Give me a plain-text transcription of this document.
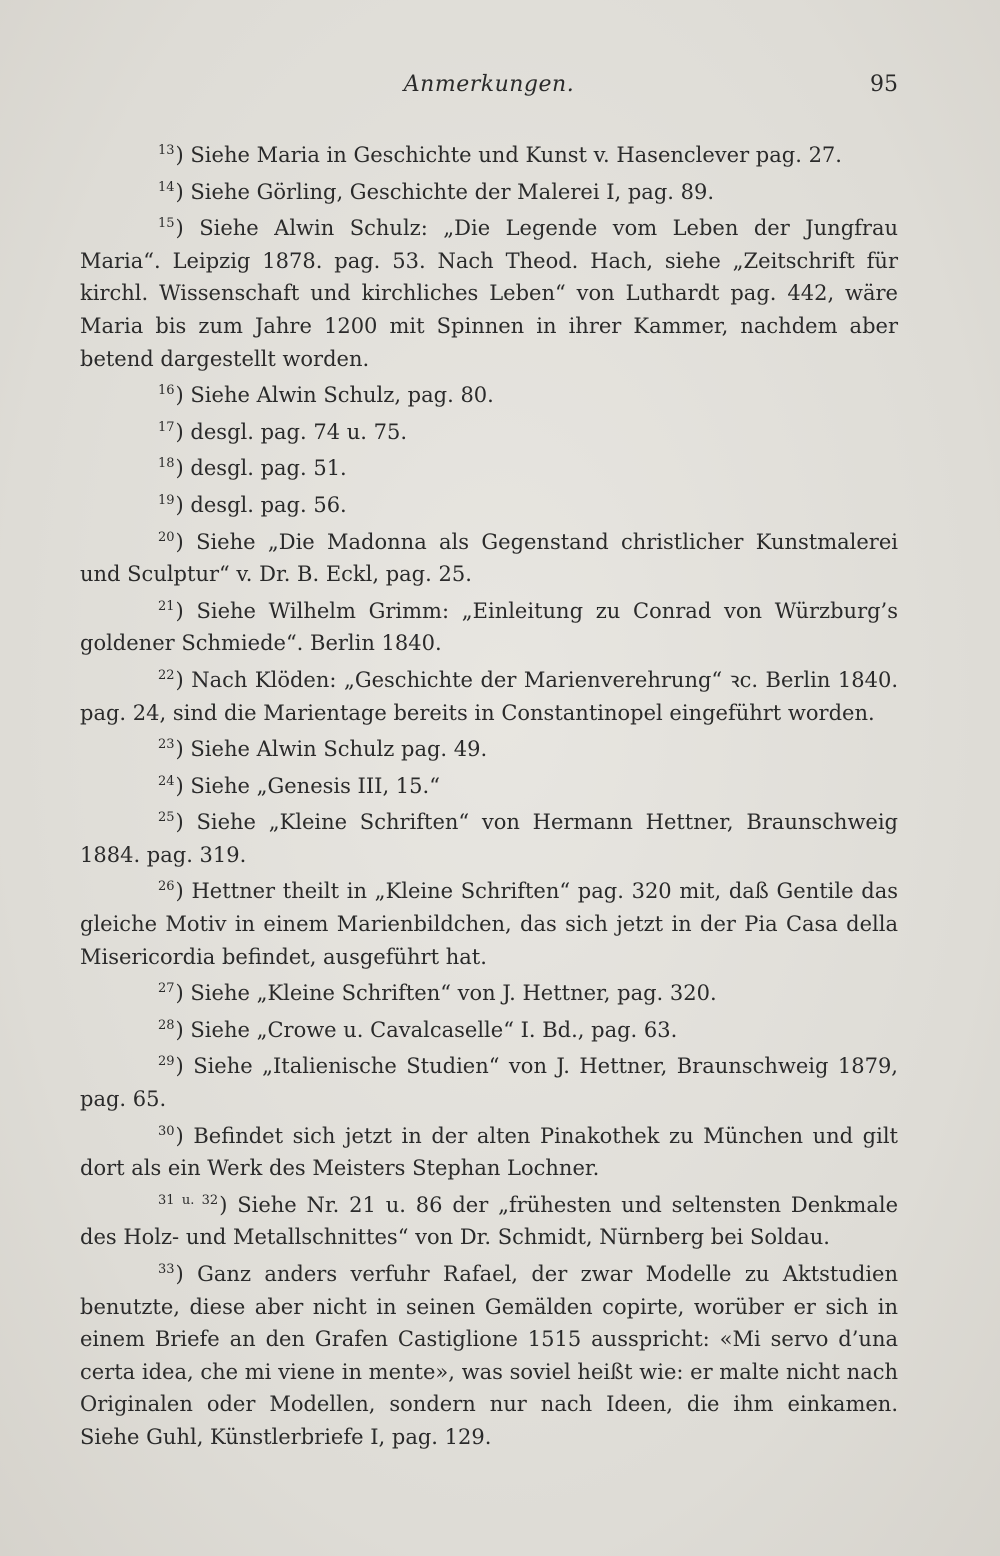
Anmerkungen.	95

$^{13}$) Siehe Maria in Geschichte und Kunst v. Hasenclever pag. 27.

$^{14}$) Siehe Görling, Geschichte der Malerei I, pag. 89.

$^{15}$) Siehe Alwin Schulz: „Die Legende vom Leben der Jungfrau Maria“. Leipzig 1878. pag. 53. Nach Theod. Hach, siehe „Zeitschrift für kirchl. Wissenschaft und kirchliches Leben“ von Luthardt pag. 442, wäre Maria bis zum Jahre 1200 mit Spinnen in ihrer Kammer, nachdem aber betend dargestellt worden.

$^{16}$) Siehe Alwin Schulz, pag. 80.

$^{17}$) desgl. pag. 74 u. 75.

$^{18}$) desgl. pag. 51.

$^{19}$) desgl. pag. 56.

$^{20}$) Siehe „Die Madonna als Gegenstand christlicher Kunstmalerei und Sculptur“ v. Dr. B. Eckl, pag. 25.

$^{21}$) Siehe Wilhelm Grimm: „Einleitung zu Conrad von Würzburg’s goldener Schmiede“. Berlin 1840.

$^{22}$) Nach Klöden: „Geschichte der Marienverehrung“ ꝛc. Berlin 1840. pag. 24, sind die Marientage bereits in Constantinopel eingeführt worden.

$^{23}$) Siehe Alwin Schulz pag. 49.

$^{24}$) Siehe „Genesis III, 15.“

$^{25}$) Siehe „Kleine Schriften“ von Hermann Hettner, Braunschweig 1884. pag. 319.

$^{26}$) Hettner theilt in „Kleine Schriften“ pag. 320 mit, daß Gentile das gleiche Motiv in einem Marienbildchen, das sich jetzt in der Pia Casa della Misericordia befindet, ausgeführt hat.

$^{27}$) Siehe „Kleine Schriften“ von J. Hettner, pag. 320.

$^{28}$) Siehe „Crowe u. Cavalcaselle“ I. Bd., pag. 63.

$^{29}$) Siehe „Italienische Studien“ von J. Hettner, Braunschweig 1879, pag. 65.

$^{30}$) Befindet sich jetzt in der alten Pinakothek zu München und gilt dort als ein Werk des Meisters Stephan Lochner.

$^{31 u. 32}$) Siehe Nr. 21 u. 86 der „frühesten und seltensten Denkmale des Holz- und Metallschnittes“ von Dr. Schmidt, Nürnberg bei Soldau.

$^{33}$) Ganz anders verfuhr Rafael, der zwar Modelle zu Aktstudien benutzte, diese aber nicht in seinen Gemälden copirte, worüber er sich in einem Briefe an den Grafen Castiglione 1515 ausspricht: «Mi servo d’una certa idea, che mi viene in mente», was soviel heißt wie: er malte nicht nach Originalen oder Modellen, sondern nur nach Ideen, die ihm einkamen. Siehe Guhl, Künstlerbriefe I, pag. 129.
